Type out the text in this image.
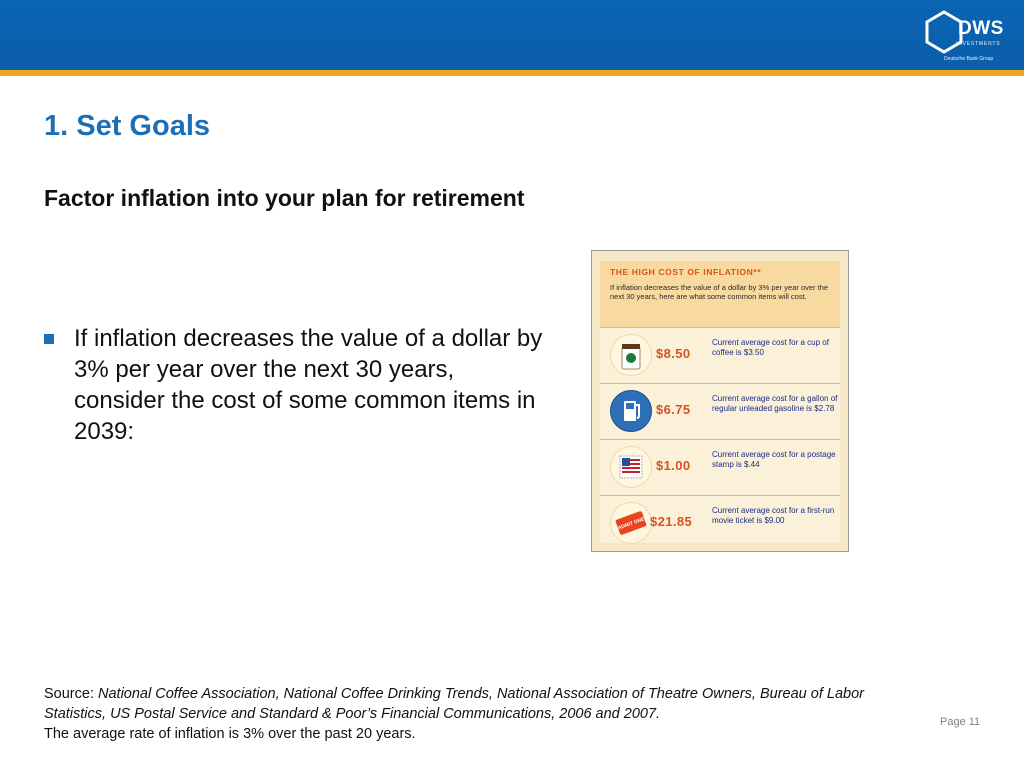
DWS
INVESTMENTS
Deutsche Bank Group
1. Set Goals
Factor inflation into your plan for retirement
If inflation decreases the value of a dollar by 3% per year over the next 30 years, consider the cost of some common items in 2039:
THE HIGH COST OF INFLATION**
If inflation decreases the value of a dollar by 3% per year over the next 30 years, here are what some common items will cost.
$8.50
Current average cost for a cup of coffee is $3.50
$6.75
Current average cost for a gallon of regular unleaded gasoline is $2.78
$1.00
Current average cost for a postage stamp is $.44
ADMIT ONE $21.85
Current average cost for a first-run movie ticket is $9.00
Source: National Coffee Association, National Coffee Drinking Trends, National Association of Theatre Owners, Bureau of Labor Statistics, US Postal Service and Standard & Poor’s Financial Communications, 2006 and 2007.
The average rate of inflation is 3% over the past 20 years.
Page 11
